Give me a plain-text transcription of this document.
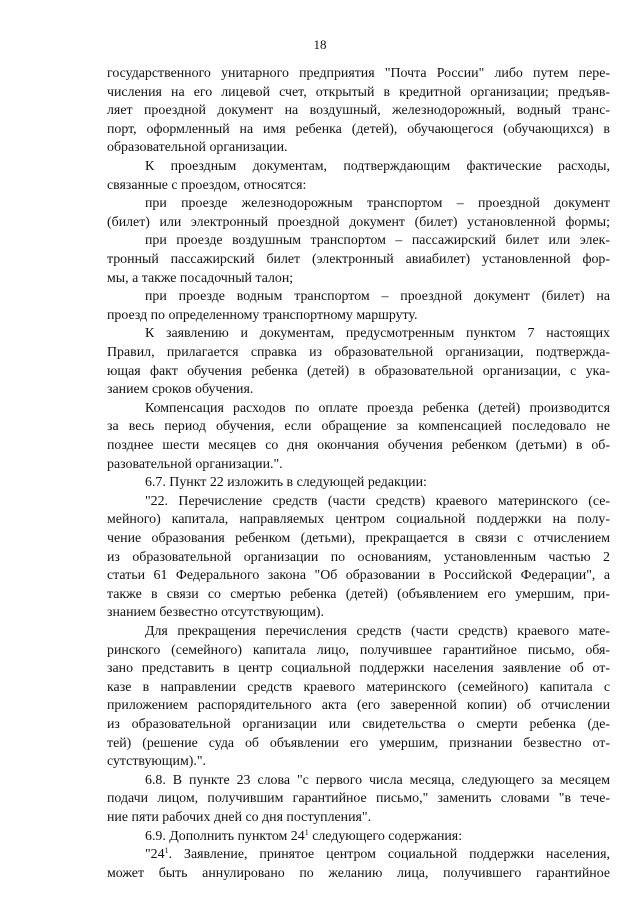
18
государственного унитарного предприятия "Почта России" либо путем пере-
числения на его лицевой счет, открытый в кредитной организации; предъяв-
ляет проездной документ на воздушный, железнодорожный, водный транс-
порт, оформленный на имя ребенка (детей), обучающегося (обучающихся) в
образовательной организации.
К проездным документам, подтверждающим фактические расходы,
связанные с проездом, относятся:
при проезде железнодорожным транспортом – проездной документ
(билет) или электронный проездной документ (билет) установленной формы;
при проезде воздушным транспортом – пассажирский билет или элек-
тронный пассажирский билет (электронный авиабилет) установленной фор-
мы, а также посадочный талон;
при проезде водным транспортом – проездной документ (билет) на
проезд по определенному транспортному маршруту.
К заявлению и документам, предусмотренным пунктом 7 настоящих
Правил, прилагается справка из образовательной организации, подтвержда-
ющая факт обучения ребенка (детей) в образовательной организации, с ука-
занием сроков обучения.
Компенсация расходов по оплате проезда ребенка (детей) производится
за весь период обучения, если обращение за компенсацией последовало не
позднее шести месяцев со дня окончания обучения ребенком (детьми) в об-
разовательной организации.".
6.7. Пункт 22 изложить в следующей редакции:
"22. Перечисление средств (части средств) краевого материнского (се-
мейного) капитала, направляемых центром социальной поддержки на полу-
чение образования ребенком (детьми), прекращается в связи с отчислением
из образовательной организации по основаниям, установленным частью 2
статьи 61 Федерального закона "Об образовании в Российской Федерации", а
также в связи со смертью ребенка (детей) (объявлением его умершим, при-
знанием безвестно отсутствующим).
Для прекращения перечисления средств (части средств) краевого мате-
ринского (семейного) капитала лицо, получившее гарантийное письмо, обя-
зано представить в центр социальной поддержки населения заявление об от-
казе в направлении средств краевого материнского (семейного) капитала с
приложением распорядительного акта (его заверенной копии) об отчислении
из образовательной организации или свидетельства о смерти ребенка (де-
тей) (решение суда об объявлении его умершим, признании безвестно от-
сутствующим).".
6.8. В пункте 23 слова "с первого числа месяца, следующего за месяцем
подачи лицом, получившим гарантийное письмо," заменить словами "в тече-
ние пяти рабочих дней со дня поступления".
6.9. Дополнить пунктом $24^1$ следующего содержания:
"$24^1$. Заявление, принятое центром социальной поддержки населения,
может быть аннулировано по желанию лица, получившего гарантийное
